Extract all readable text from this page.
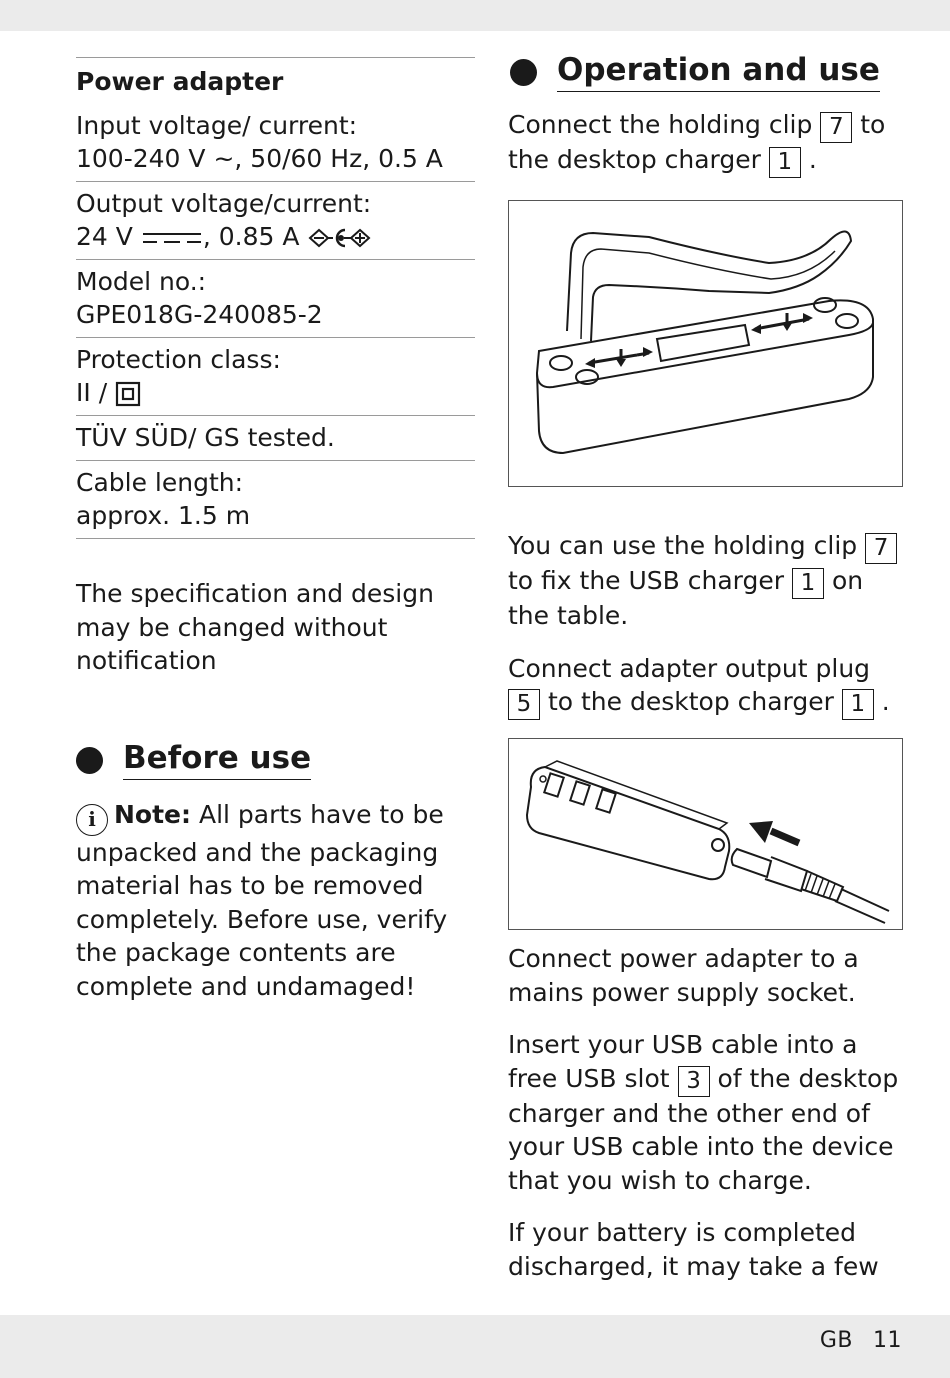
Power adapter
Input voltage/ current:
100-240 V ~, 50/60 Hz, 0.5 A
Output voltage/current:
24 V	, 0.85 A
Model no.:
GPE018G-240085-2
Protection class:
II /
TÜV SÜD/ GS tested.
Cable length:
approx. 1.5 m

The specification and design may be changed without notification

Before use

i Note: All parts have to be unpacked and the packaging material has to be removed completely. Before use, verify the package contents are complete and undamaged!

Operation and use

Connect the holding clip 7 to the desktop charger 1 .

You can use the holding clip 7 to fix the USB charger 1 on the table.

Connect adapter output plug 5 to the desktop charger 1 .

Connect power adapter to a mains power supply socket.

Insert your USB cable into a free USB slot 3 of the desktop charger and the other end of your USB cable into the device that you wish to charge.

If your battery is completed discharged, it may take a few

GB 11
